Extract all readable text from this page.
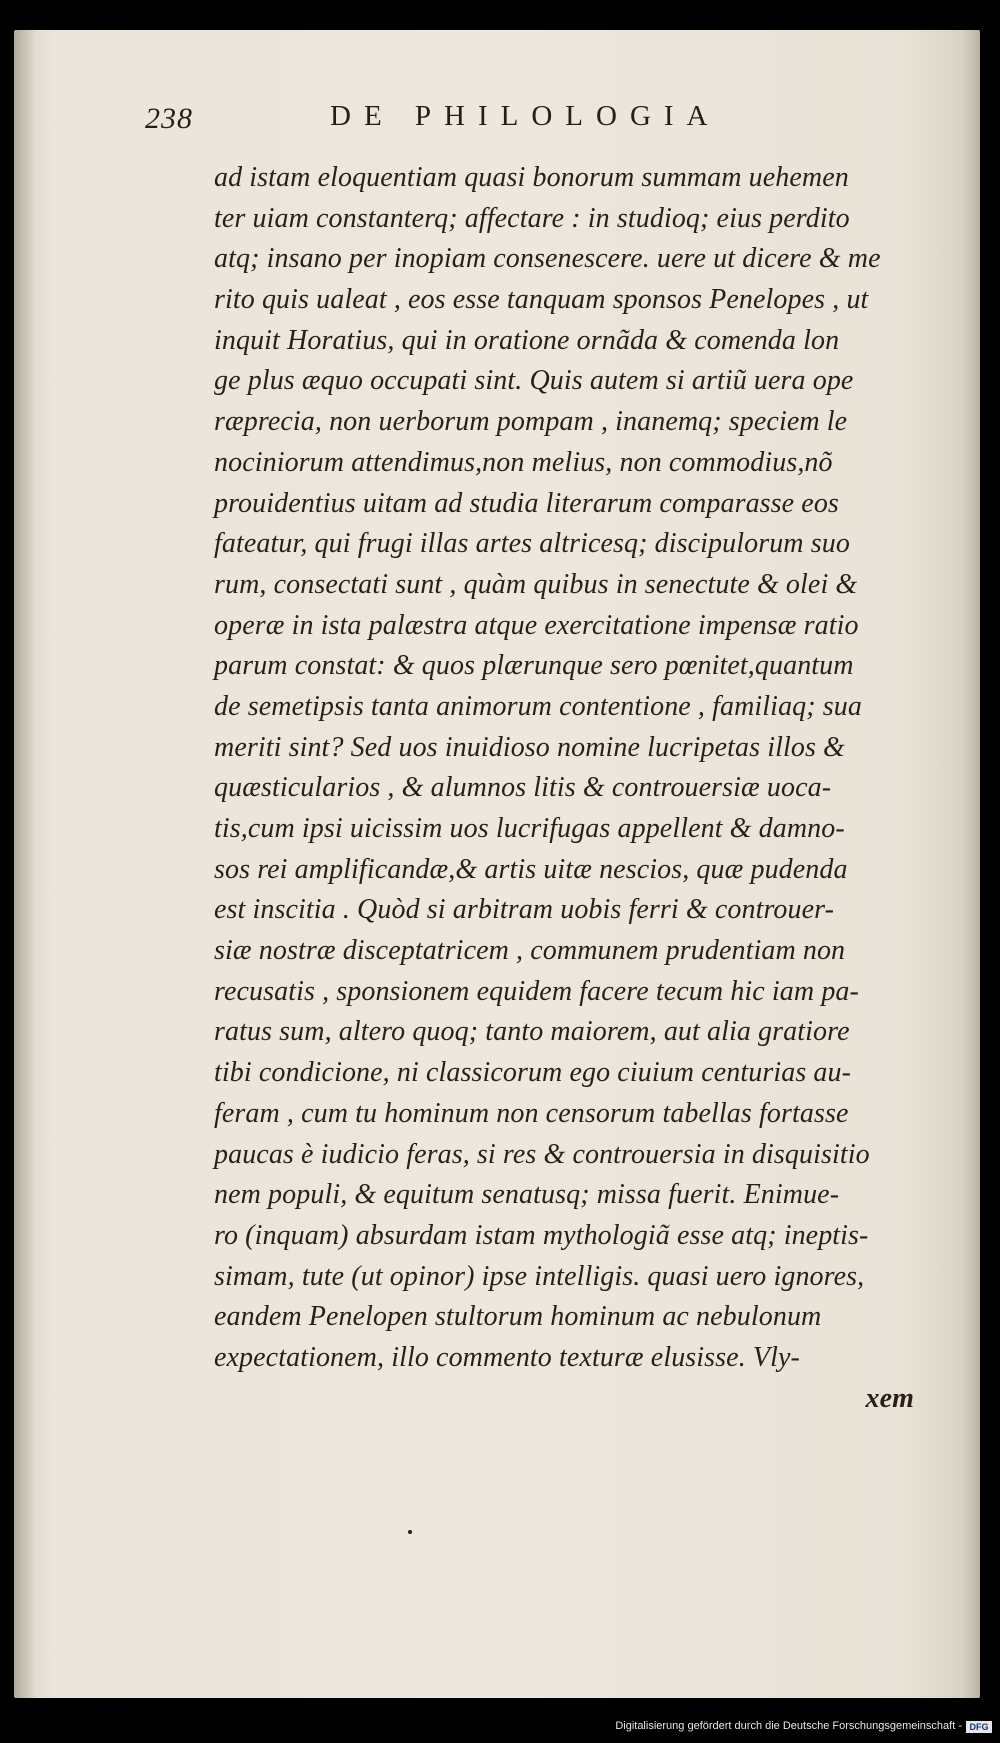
238	DE PHILOLOGIA
ad istam eloquentiam quasi bonorum summam uehemen
ter uiam constanterq; affectare : in studioq; eius perdito
atq; insano per inopiam consenescere. uere ut dicere & me
rito quis ualeat , eos esse tanquam sponsos Penelopes , ut
inquit Horatius, qui in oratione ornãda & comenda lon
ge plus æquo occupati sint. Quis autem si artiũ uera ope
ræprecia, non uerborum pompam , inanemq; speciem le
nociniorum attendimus,non melius, non commodius,nõ
prouidentius uitam ad studia literarum comparasse eos
fateatur, qui frugi illas artes altricesq; discipulorum suo
rum, consectati sunt , quàm quibus in senectute & olei &
operæ in ista palæstra atque exercitatione impensæ ratio
parum constat: & quos plærunque sero pœnitet,quantum
de semetipsis tanta animorum contentione , familiaq; sua
meriti sint? Sed uos inuidioso nomine lucripetas illos &
quæsticularios , & alumnos litis & controuersiæ uoca-
tis,cum ipsi uicissim uos lucrifugas appellent & damno-
sos rei amplificandæ,& artis uitæ nescios, quæ pudenda
est inscitia . Quòd si arbitram uobis ferri & controuer-
siæ nostræ disceptatricem , communem prudentiam non
recusatis , sponsionem equidem facere tecum hic iam pa-
ratus sum, altero quoq; tanto maiorem, aut alia gratiore
tibi condicione, ni classicorum ego ciuium centurias au-
feram , cum tu hominum non censorum tabellas fortasse
paucas è iudicio feras, si res & controuersia in disquisitio
nem populi, & equitum senatusq; missa fuerit. Enimue-
ro (inquam) absurdam istam mythologiã esse atq; ineptis-
simam, tute (ut opinor) ipse intelligis. quasi uero ignores,
eandem Penelopen stultorum hominum ac nebulonum
expectationem, illo commento texturæ elusisse. Vly-
xem
Digitalisierung gefördert durch die Deutsche Forschungsgemeinschaft - DFG
